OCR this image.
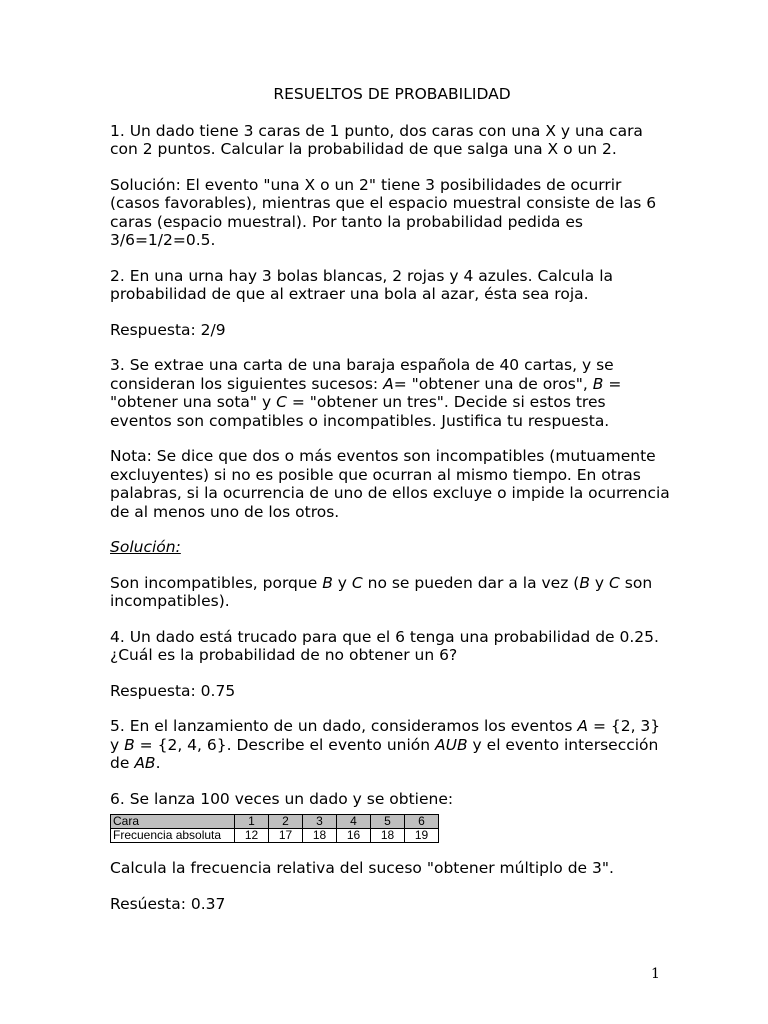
RESUELTOS DE PROBABILIDAD

1. Un dado tiene 3 caras de 1 punto, dos caras con una X y una cara con 2 puntos. Calcular la probabilidad de que salga una X o un 2.

Solución: El evento "una X o un 2" tiene 3 posibilidades de ocurrir (casos favorables), mientras que el espacio muestral consiste de las 6 caras (espacio muestral). Por tanto la probabilidad pedida es 3/6=1/2=0.5.

2. En una urna hay 3 bolas blancas, 2 rojas y 4 azules. Calcula la probabilidad de que al extraer una bola al azar, ésta sea roja.

Respuesta: 2/9

3. Se extrae una carta de una baraja española de 40 cartas, y se consideran los siguientes sucesos: A= "obtener una de oros", B = "obtener una sota" y C = "obtener un tres". Decide si estos tres eventos son compatibles o incompatibles. Justifica tu respuesta.

Nota: Se dice que dos o más eventos son incompatibles (mutuamente excluyentes) si no es posible que ocurran al mismo tiempo. En otras palabras, si la ocurrencia de uno de ellos excluye o impide la ocurrencia de al menos uno de los otros.

Solución:

Son incompatibles, porque B y C no se pueden dar a la vez (B y C son incompatibles).

4. Un dado está trucado para que el 6 tenga una probabilidad de 0.25. ¿Cuál es la probabilidad de no obtener un 6?

Respuesta: 0.75

5. En el lanzamiento de un dado, consideramos los eventos A = {2, 3} y B = {2, 4, 6}. Describe el evento unión AUB y el evento intersección de AB.

6. Se lanza 100 veces un dado y se obtiene:

Cara	1	2	3	4	5	6
Frecuencia absoluta	12	17	18	16	18	19

Calcula la frecuencia relativa del suceso "obtener múltiplo de 3".

Resúesta: 0.37

1
